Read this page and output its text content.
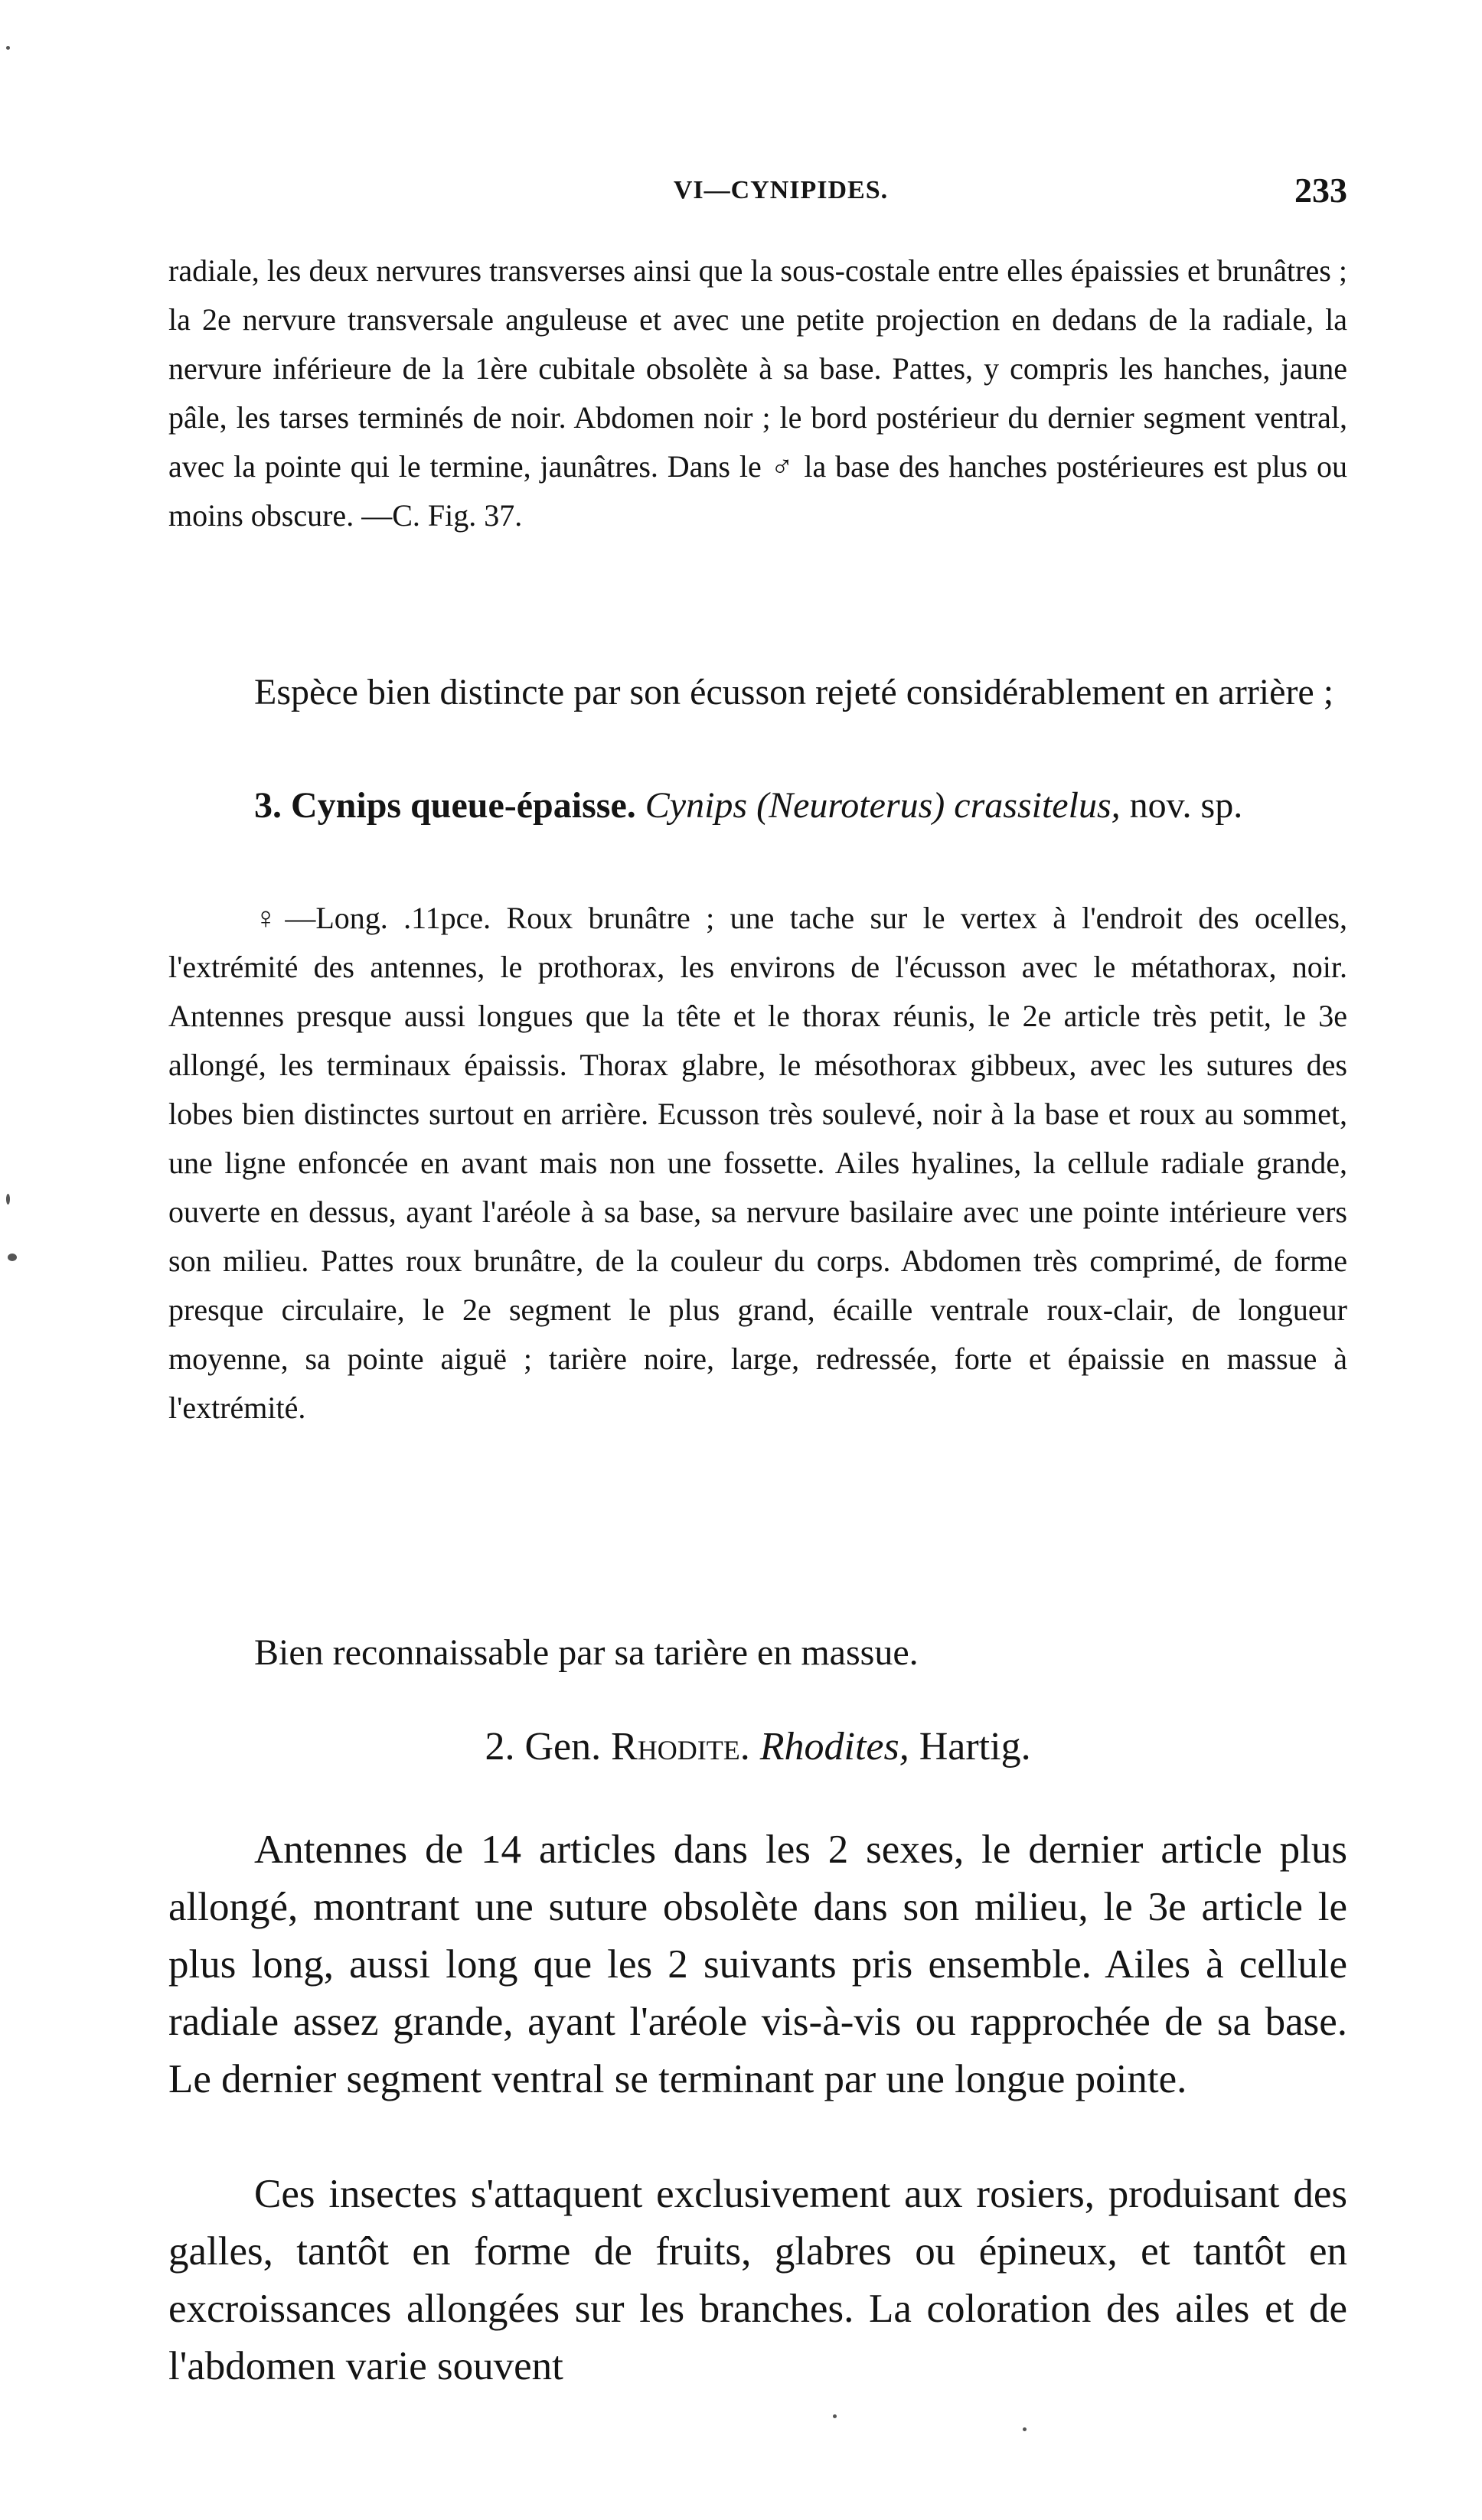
VI—CYNIPIDES.	233

radiale, les deux nervures transverses ainsi que la sous-costale entre elles épaissies et brunâtres ; la 2e nervure transversale anguleuse et avec une petite projection en dedans de la radiale, la nervure inférieure de la 1ère cubitale obsolète à sa base. Pattes, y compris les hanches, jaune pâle, les tarses terminés de noir. Abdomen noir ; le bord postérieur du dernier segment ventral, avec la pointe qui le termine, jaunâtres. Dans le ♂ la base des hanches postérieures est plus ou moins obscure. —C. Fig. 37.

Espèce bien distincte par son écusson rejeté considérablement en arrière ;

3. Cynips queue-épaisse. Cynips (Neuroterus) crassitelus, nov. sp.

♀—Long. .11pce. Roux brunâtre ; une tache sur le vertex à l'endroit des ocelles, l'extrémité des antennes, le prothorax, les environs de l'écusson avec le métathorax, noir. Antennes presque aussi longues que la tête et le thorax réunis, le 2e article très petit, le 3e allongé, les terminaux épaissis. Thorax glabre, le mésothorax gibbeux, avec les sutures des lobes bien distinctes surtout en arrière. Ecusson très soulevé, noir à la base et roux au sommet, une ligne enfoncée en avant mais non une fossette. Ailes hyalines, la cellule radiale grande, ouverte en dessus, ayant l'aréole à sa base, sa nervure basilaire avec une pointe intérieure vers son milieu. Pattes roux brunâtre, de la couleur du corps. Abdomen très comprimé, de forme presque circulaire, le 2e segment le plus grand, écaille ventrale roux-clair, de longueur moyenne, sa pointe aiguë ; tarière noire, large, redressée, forte et épaissie en massue à l'extrémité.

Bien reconnaissable par sa tarière en massue.

2. Gen. Rhodite. Rhodites, Hartig.

Antennes de 14 articles dans les 2 sexes, le dernier article plus allongé, montrant une suture obsolète dans son milieu, le 3e article le plus long, aussi long que les 2 suivants pris ensemble. Ailes à cellule radiale assez grande, ayant l'aréole vis-à-vis ou rapprochée de sa base. Le dernier segment ventral se terminant par une longue pointe.

Ces insectes s'attaquent exclusivement aux rosiers, produisant des galles, tantôt en forme de fruits, glabres ou épineux, et tantôt en excroissances allongées sur les branches. La coloration des ailes et de l'abdomen varie souvent
